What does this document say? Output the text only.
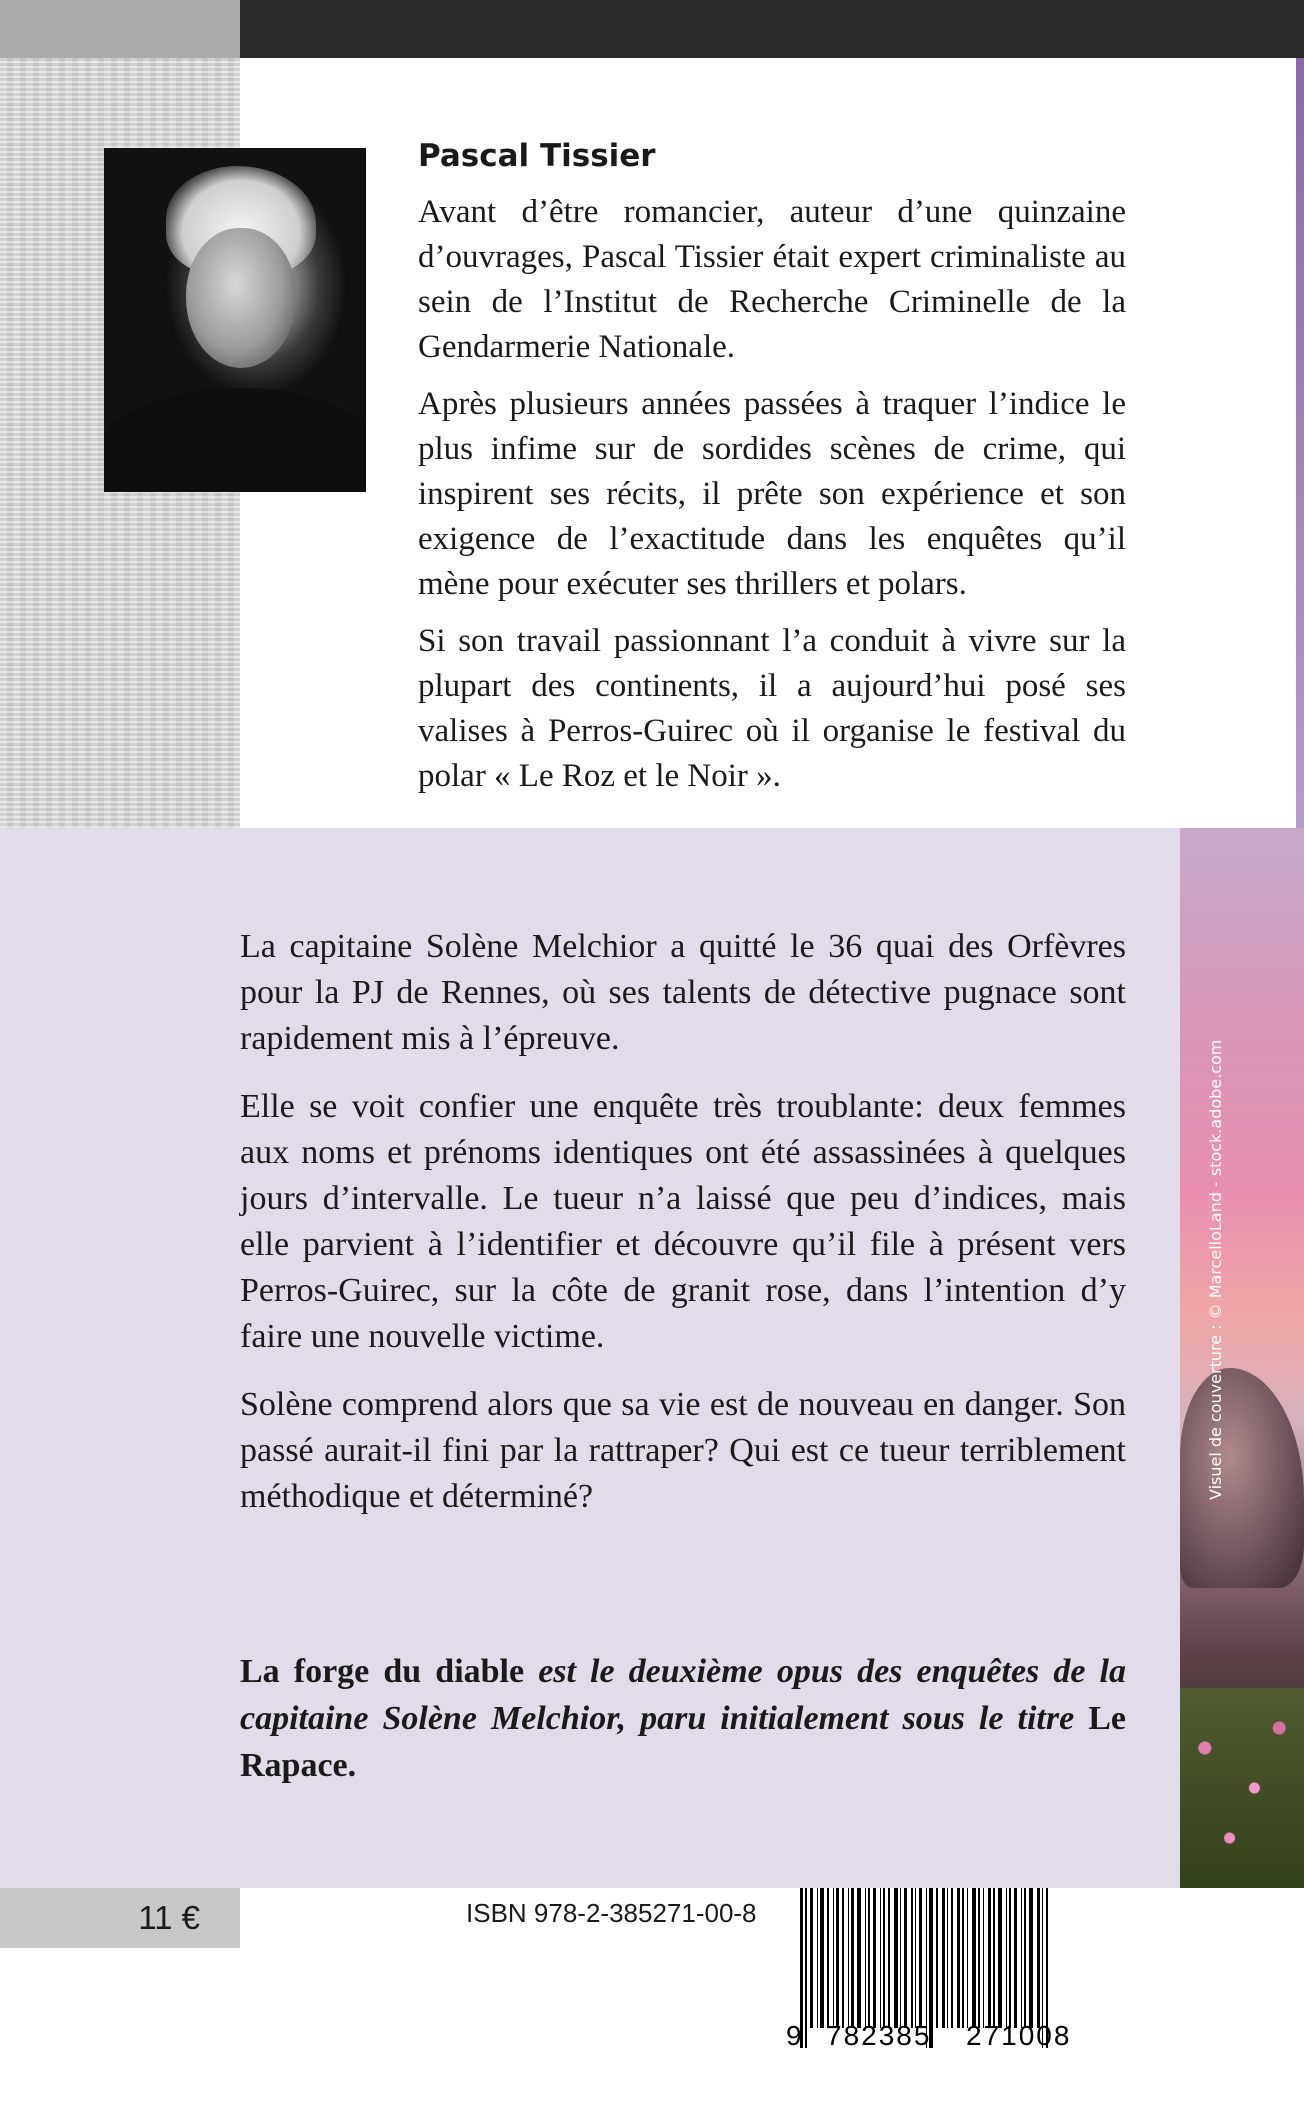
Pascal Tissier

Avant d’être romancier, auteur d’une quinzaine d’ouvrages, Pascal Tissier était expert criminaliste au sein de l’Institut de Recherche Criminelle de la Gendarmerie Nationale.

Après plusieurs années passées à traquer l’indice le plus infime sur de sordides scènes de crime, qui inspirent ses récits, il prête son expérience et son exigence de l’exactitude dans les enquêtes qu’il mène pour exécuter ses thrillers et polars.

Si son travail passionnant l’a conduit à vivre sur la plupart des continents, il a aujourd’hui posé ses valises à Perros-Guirec où il organise le festival du polar « Le Roz et le Noir ».

Visuel de couverture : © MarcelloLand - stock.adobe.com

La capitaine Solène Melchior a quitté le 36 quai des Orfèvres pour la PJ de Rennes, où ses talents de détective pugnace sont rapidement mis à l’épreuve.

Elle se voit confier une enquête très troublante: deux femmes aux noms et prénoms identiques ont été assassinées à quelques jours d’intervalle. Le tueur n’a laissé que peu d’indices, mais elle parvient à l’identifier et découvre qu’il file à présent vers Perros-Guirec, sur la côte de granit rose, dans l’intention d’y faire une nouvelle victime.

Solène comprend alors que sa vie est de nouveau en danger. Son passé aurait-il fini par la rattraper? Qui est ce tueur terriblement méthodique et déterminé?

La forge du diable est le deuxième opus des enquêtes de la capitaine Solène Melchior, paru initialement sous le titre Le Rapace.
11 €	ISBN 978-2-385271-00-8
9 782385 271008
